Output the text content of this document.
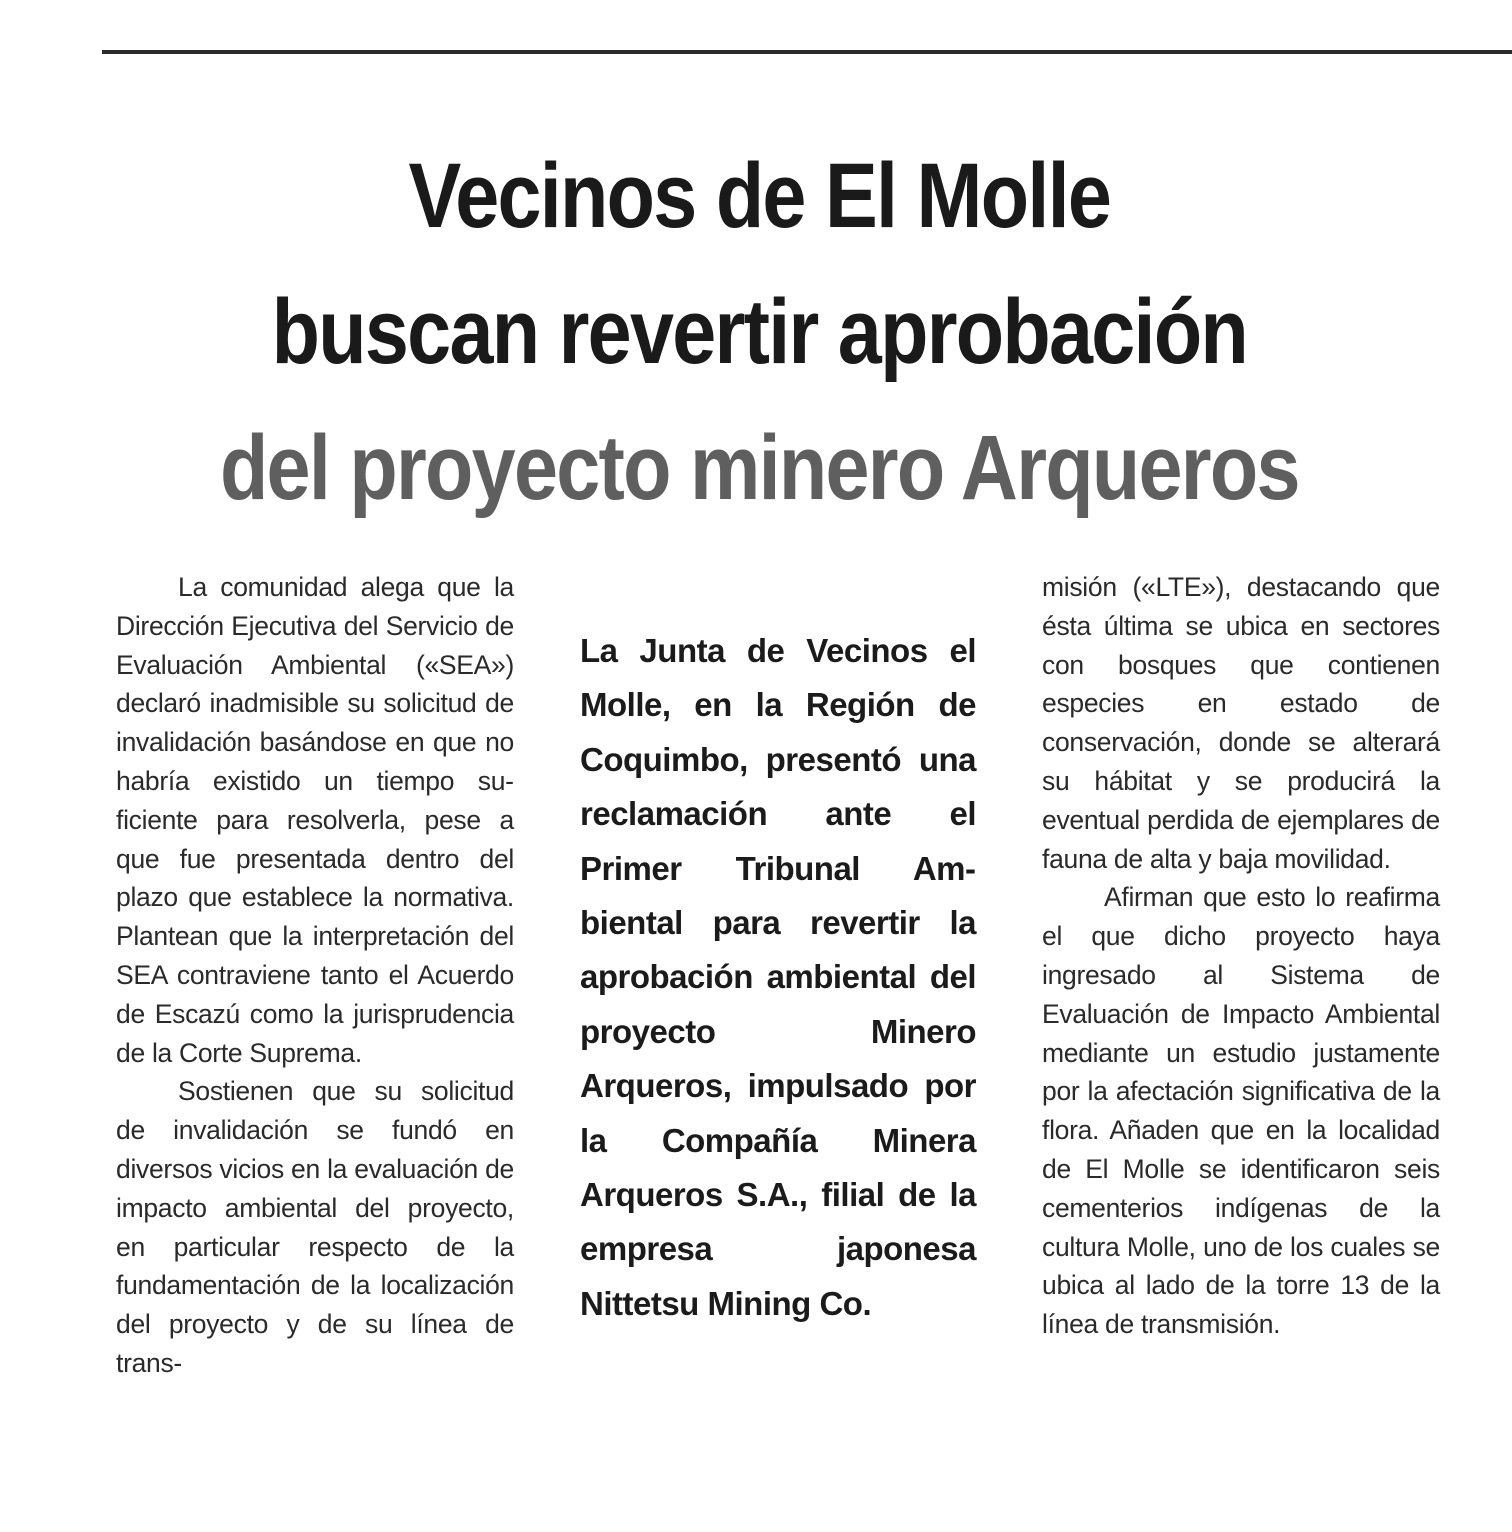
Vecinos de El Molle
buscan revertir aprobación
del proyecto minero Arqueros

La comunidad alega que la Dirección Ejecutiva del Servicio de Evaluación Ambiental («SEA») declaró inadmisible su solicitud de invalidación basándose en que no habría existido un tiempo suficiente para resolverla, pese a que fue presentada dentro del plazo que establece la normativa. Plantean que la interpretación del SEA contraviene tanto el Acuerdo de Escazú como la jurisprudencia de la Corte Suprema.

Sostienen que su solicitud de invalidación se fundó en diversos vicios en la evaluación de impacto ambiental del proyecto, en particular respecto de la fundamentación de la localización del proyecto y de su línea de trans-

La Junta de Vecinos el Molle, en la Región de Coquimbo, presentó una reclamación ante el Primer Tribunal Ambiental para revertir la aprobación ambiental del proyecto Minero Arqueros, impulsado por la Compañía Minera Arqueros S.A., filial de la empresa japonesa Nittetsu Mining Co.

misión («LTE»), destacando que ésta última se ubica en sectores con bosques que contienen especies en estado de conservación, donde se alterará su hábitat y se producirá la eventual perdida de ejemplares de fauna de alta y baja movilidad.

Afirman que esto lo reafirma el que dicho proyecto haya ingresado al Sistema de Evaluación de Impacto Ambiental mediante un estudio justamente por la afectación significativa de la flora. Añaden que en la localidad de El Molle se identificaron seis cementerios indígenas de la cultura Molle, uno de los cuales se ubica al lado de la torre 13 de la línea de transmisión.
